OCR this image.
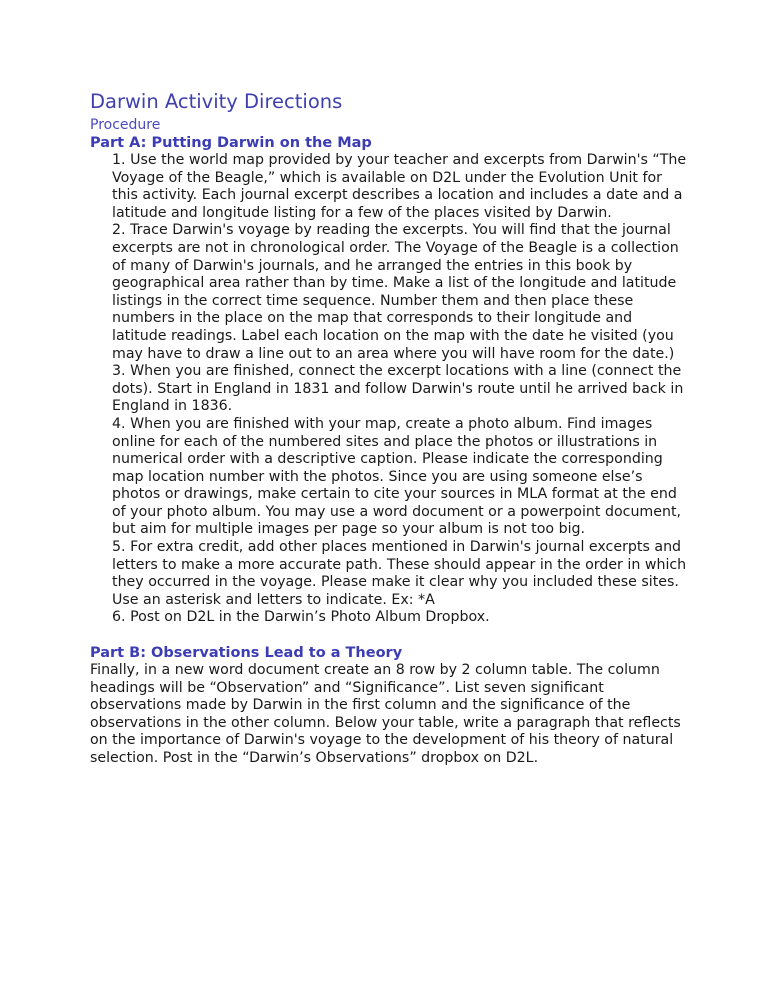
Darwin Activity Directions
Procedure
Part A: Putting Darwin on the Map
1. Use the world map provided by your teacher and excerpts from Darwin's “The Voyage of the Beagle,” which is available on D2L under the Evolution Unit for this activity. Each journal excerpt describes a location and includes a date and a latitude and longitude listing for a few of the places visited by Darwin.
2. Trace Darwin's voyage by reading the excerpts. You will find that the journal excerpts are not in chronological order. The Voyage of the Beagle is a collection of many of Darwin's journals, and he arranged the entries in this book by geographical area rather than by time. Make a list of the longitude and latitude listings in the correct time sequence. Number them and then place these numbers in the place on the map that corresponds to their longitude and latitude readings. Label each location on the map with the date he visited (you may have to draw a line out to an area where you will have room for the date.)
3. When you are finished, connect the excerpt locations with a line (connect the dots). Start in England in 1831 and follow Darwin's route until he arrived back in England in 1836.
4. When you are finished with your map, create a photo album. Find images online for each of the numbered sites and place the photos or illustrations in numerical order with a descriptive caption. Please indicate the corresponding map location number with the photos. Since you are using someone else’s photos or drawings, make certain to cite your sources in MLA format at the end of your photo album. You may use a word document or a powerpoint document, but aim for multiple images per page so your album is not too big.
5. For extra credit, add other places mentioned in Darwin's journal excerpts and letters to make a more accurate path. These should appear in the order in which they occurred in the voyage. Please make it clear why you included these sites. Use an asterisk and letters to indicate. Ex: *A
6. Post on D2L in the Darwin’s Photo Album Dropbox.
Part B: Observations Lead to a Theory

Finally, in a new word document create an 8 row by 2 column table. The column headings will be “Observation” and “Significance”. List seven significant observations made by Darwin in the first column and the significance of the observations in the other column. Below your table, write a paragraph that reflects on the importance of Darwin's voyage to the development of his theory of natural selection. Post in the “Darwin’s Observations” dropbox on D2L.
